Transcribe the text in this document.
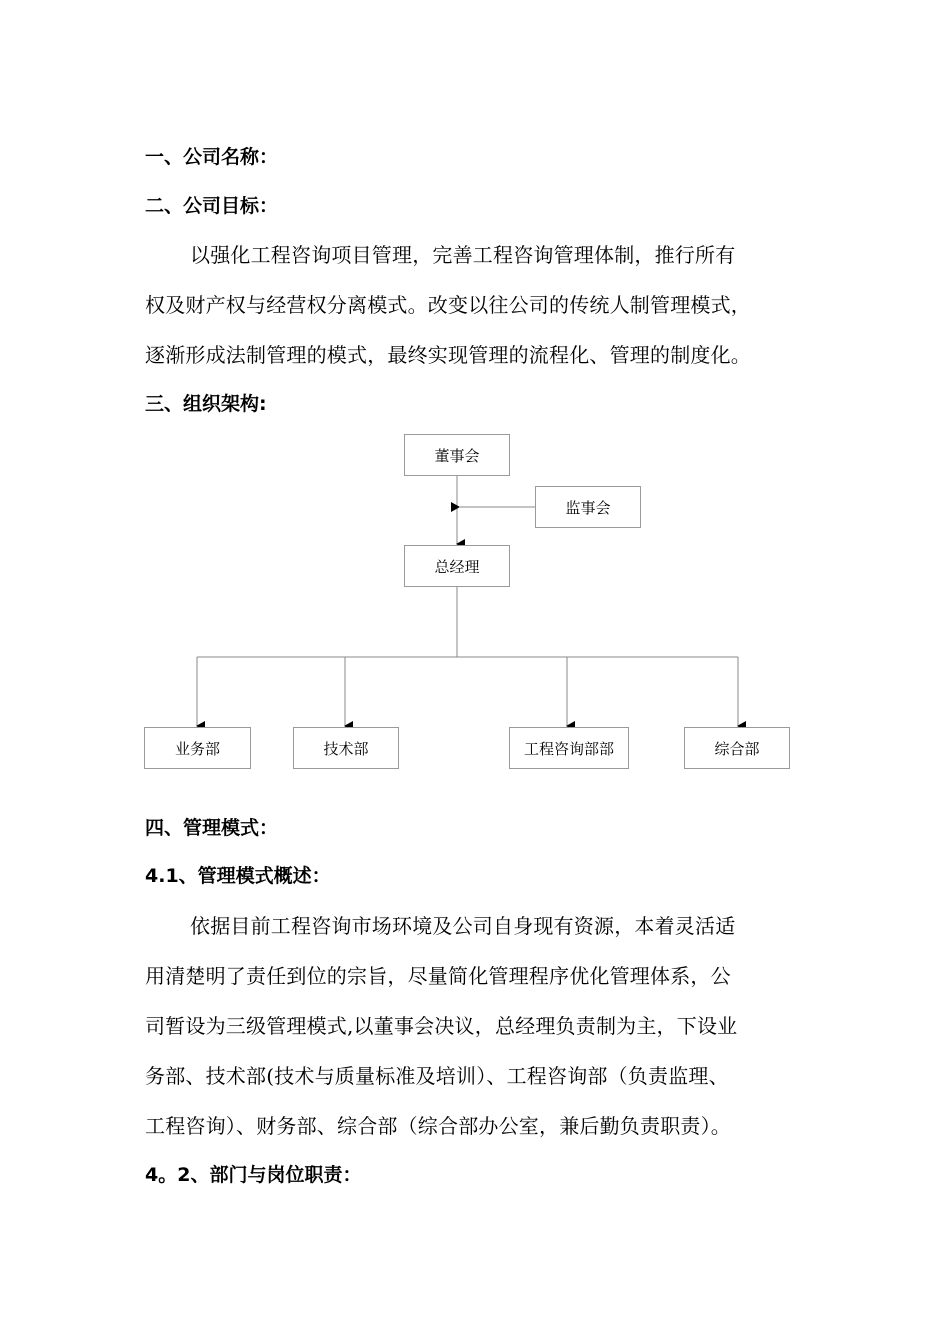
一、公司名称：
二、公司目标：

以强化工程咨询项目管理，完善工程咨询管理体制，推行所有

权及财产权与经营权分离模式。改变以往公司的传统人制管理模式，

逐渐形成法制管理的模式，最终实现管理的流程化、管理的制度化。

三、组织架构:
董事会
监事会
总经理
业务部	技术部	工程咨询部部	综合部
四、管理模式：
4.1、管理模式概述：

依据目前工程咨询市场环境及公司自身现有资源，本着灵活适

用清楚明了责任到位的宗旨，尽量简化管理程序优化管理体系，公

司暂设为三级管理模式,以董事会决议，总经理负责制为主，下设业

务部、技术部(技术与质量标准及培训）、工程咨询部（负责监理、

工程咨询）、财务部、综合部（综合部办公室，兼后勤负责职责）。

4。2、部门与岗位职责：
